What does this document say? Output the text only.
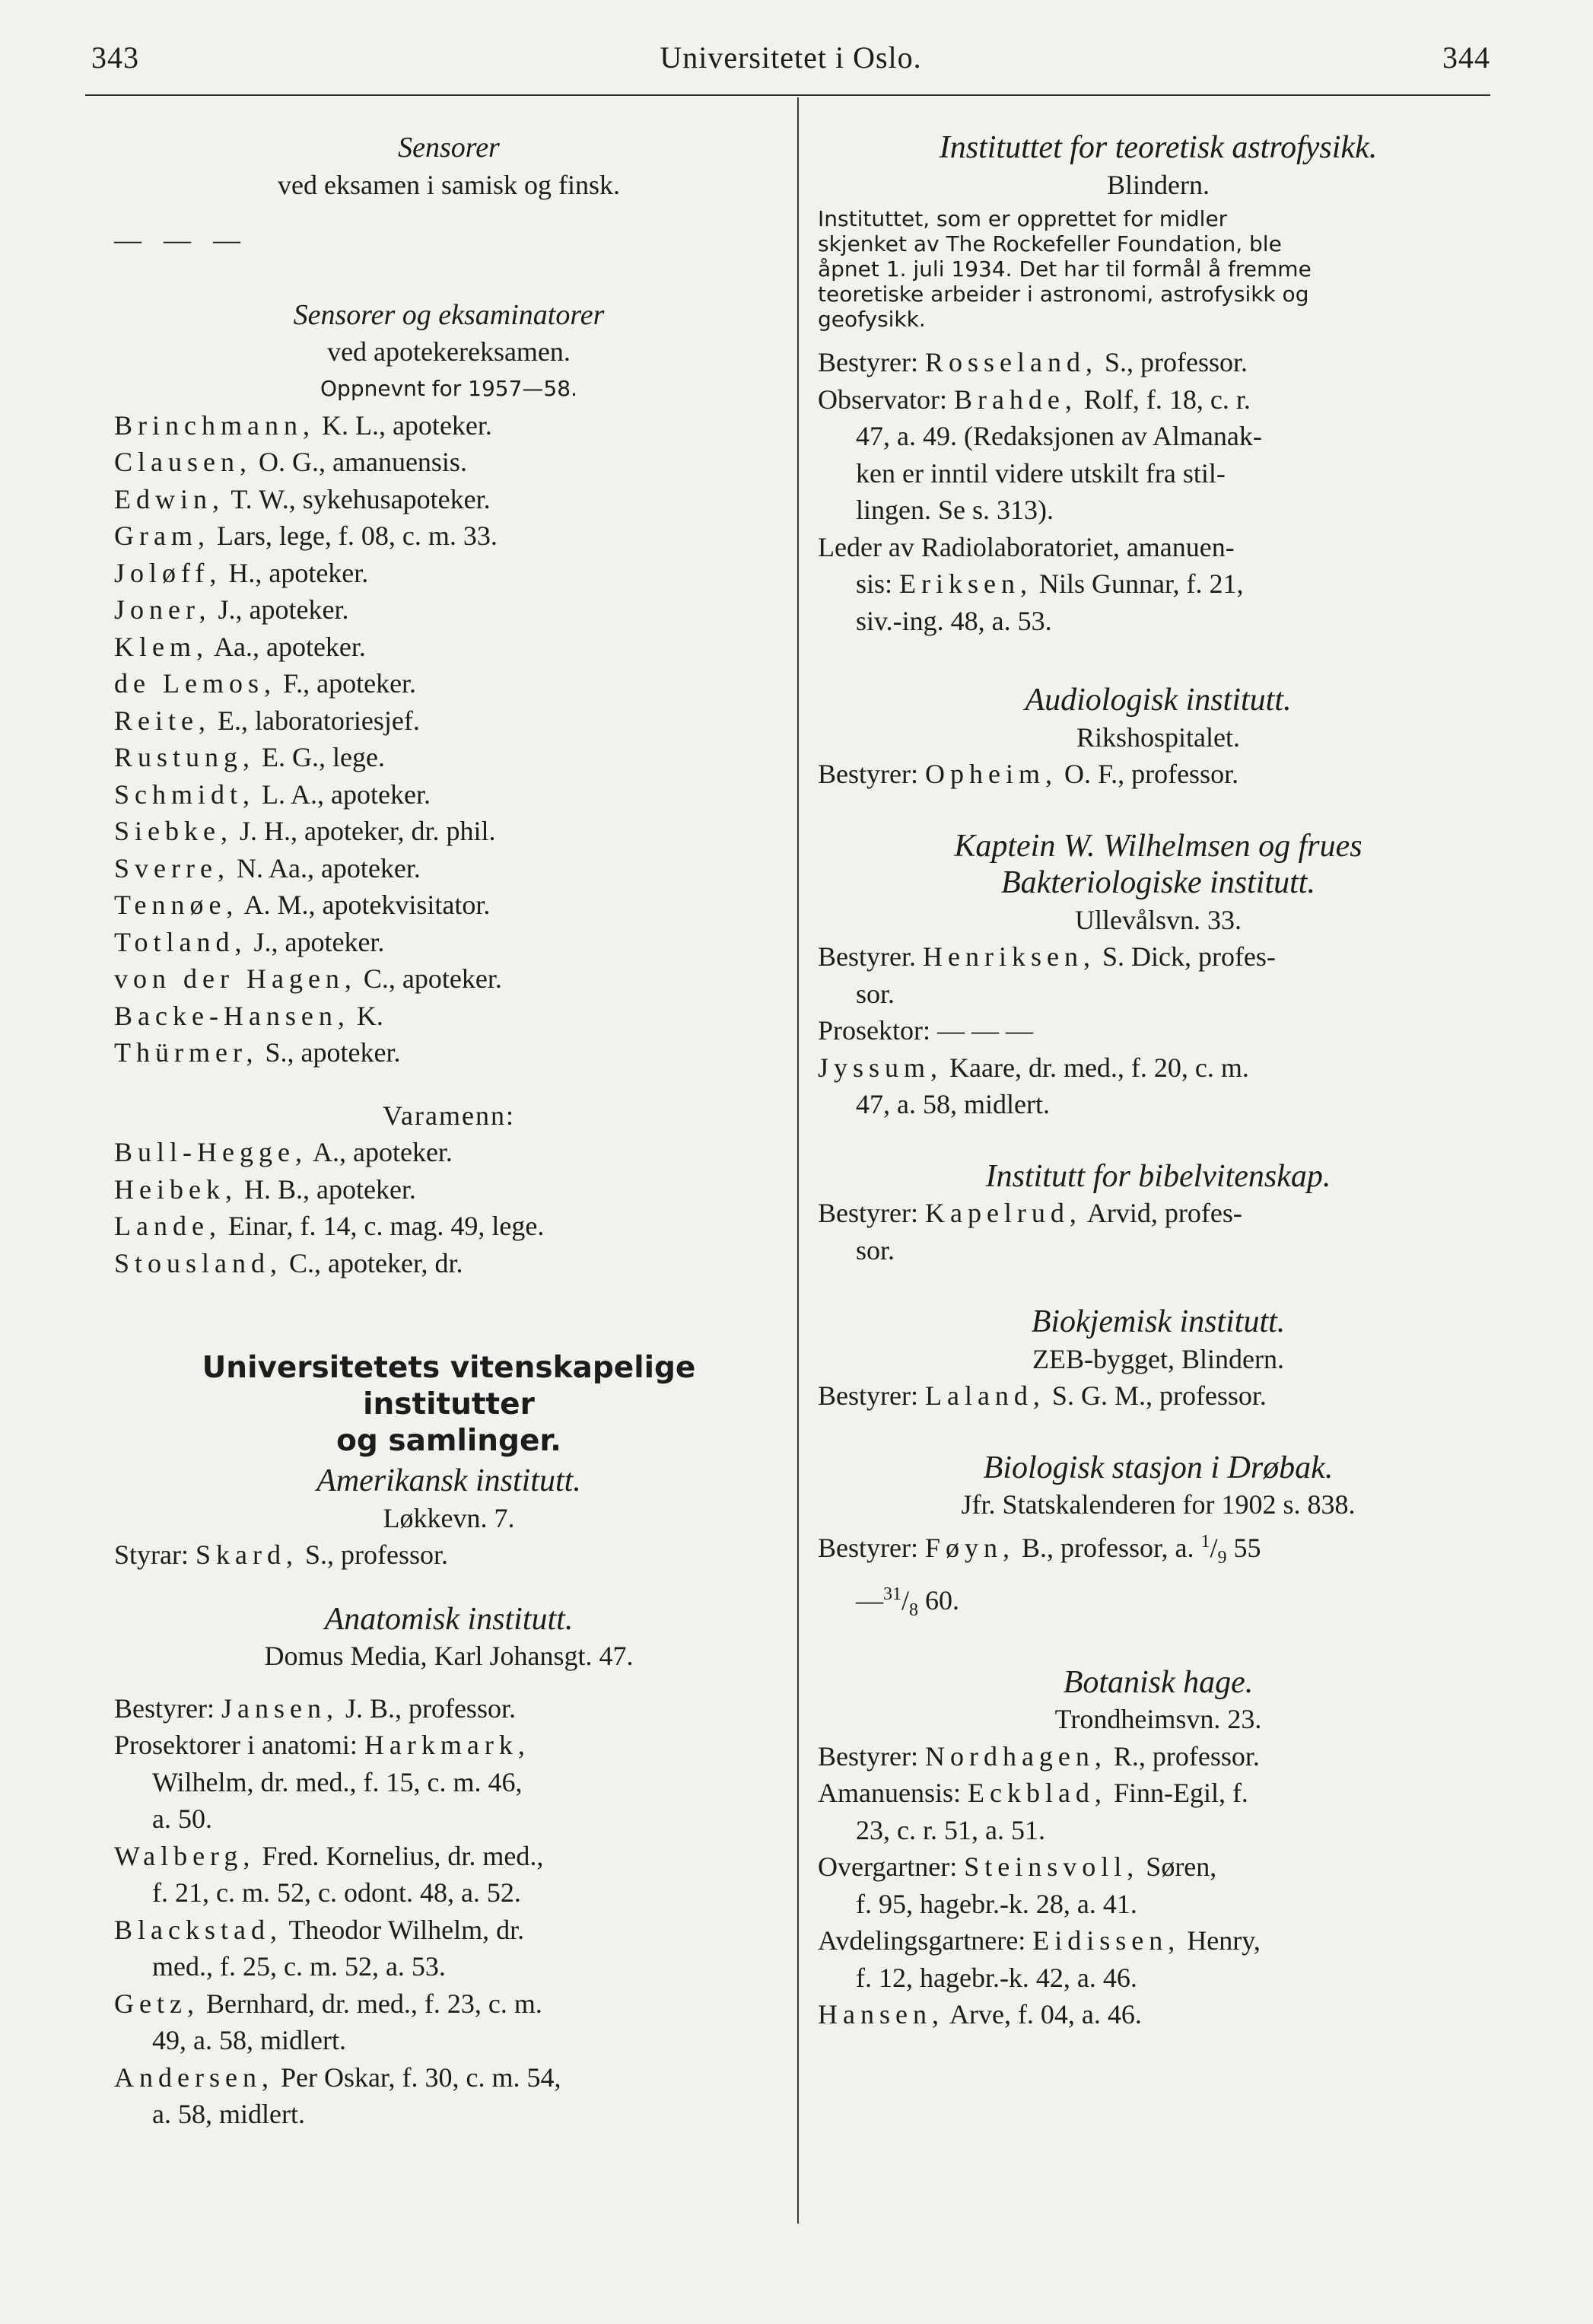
343	Universitetet i Oslo.	344
Sensorer
ved eksamen i samisk og finsk.
— — —
Sensorer og eksaminatorer
ved apotekereksamen.
Oppnevnt for 1957—58.
Brinchmann, K. L., apoteker.
Clausen, O. G., amanuensis.
Edwin, T. W., sykehusapoteker.
Gram, Lars, lege, f. 08, c. m. 33.
Joløff, H., apoteker.
Joner, J., apoteker.
Klem, Aa., apoteker.
de Lemos, F., apoteker.
Reite, E., laboratoriesjef.
Rustung, E. G., lege.
Schmidt, L. A., apoteker.
Siebke, J. H., apoteker, dr. phil.
Sverre, N. Aa., apoteker.
Tennøe, A. M., apotekvisitator.
Totland, J., apoteker.
von der Hagen, C., apoteker.
Backe-Hansen, K.
Thürmer, S., apoteker.
Varamenn:
Bull-Hegge, A., apoteker.
Heibek, H. B., apoteker.
Lande, Einar, f. 14, c. mag. 49, lege.
Stousland, C., apoteker, dr.
Universitetets vitenskapelige institutter
og samlinger.
Amerikansk institutt.
Løkkevn. 7.
Styrar: Skard, S., professor.
Anatomisk institutt.
Domus Media, Karl Johansgt. 47.
Bestyrer: Jansen, J. B., professor.
Prosektorer i anatomi: Harkmark,
Wilhelm, dr. med., f. 15, c. m. 46,
a. 50.
Walberg, Fred. Kornelius, dr. med.,
f. 21, c. m. 52, c. odont. 48, a. 52.
Blackstad, Theodor Wilhelm, dr.
med., f. 25, c. m. 52, a. 53.
Getz, Bernhard, dr. med., f. 23, c. m.
49, a. 58, midlert.
Andersen, Per Oskar, f. 30, c. m. 54,
a. 58, midlert.
Instituttet for teoretisk astrofysikk.
Blindern.
Instituttet, som er opprettet for midler
skjenket av The Rockefeller Foundation, ble
åpnet 1. juli 1934. Det har til formål å fremme
teoretiske arbeider i astronomi, astrofysikk og
geofysikk.
Bestyrer: Rosseland, S., professor.
Observator: Brahde, Rolf, f. 18, c. r.
47, a. 49. (Redaksjonen av Almanak-
ken er inntil videre utskilt fra stil-
lingen. Se s. 313).
Leder av Radiolaboratoriet, amanuen-
sis: Eriksen, Nils Gunnar, f. 21,
siv.-ing. 48, a. 53.
Audiologisk institutt.
Rikshospitalet.
Bestyrer: Opheim, O. F., professor.
Kaptein W. Wilhelmsen og frues
Bakteriologiske institutt.
Ullevålsvn. 33.
Bestyrer. Henriksen, S. Dick, profes-
sor.
Prosektor: — — —
Jyssum, Kaare, dr. med., f. 20, c. m.
47, a. 58, midlert.
Institutt for bibelvitenskap.
Bestyrer: Kapelrud, Arvid, profes-
sor.
Biokjemisk institutt.
ZEB-bygget, Blindern.
Bestyrer: Laland, S. G. M., professor.
Biologisk stasjon i Drøbak.
Jfr. Statskalenderen for 1902 s. 838.
Bestyrer: Føyn, B., professor, a. $^1/_9$ 55
$—^{31}/_8$ 60.
Botanisk hage.
Trondheimsvn. 23.
Bestyrer: Nordhagen, R., professor.
Amanuensis: Eckblad, Finn-Egil, f.
23, c. r. 51, a. 51.
Overgartner: Steinsvoll, Søren,
f. 95, hagebr.-k. 28, a. 41.
Avdelingsgartnere: Eidissen, Henry,
f. 12, hagebr.-k. 42, a. 46.
Hansen, Arve, f. 04, a. 46.
